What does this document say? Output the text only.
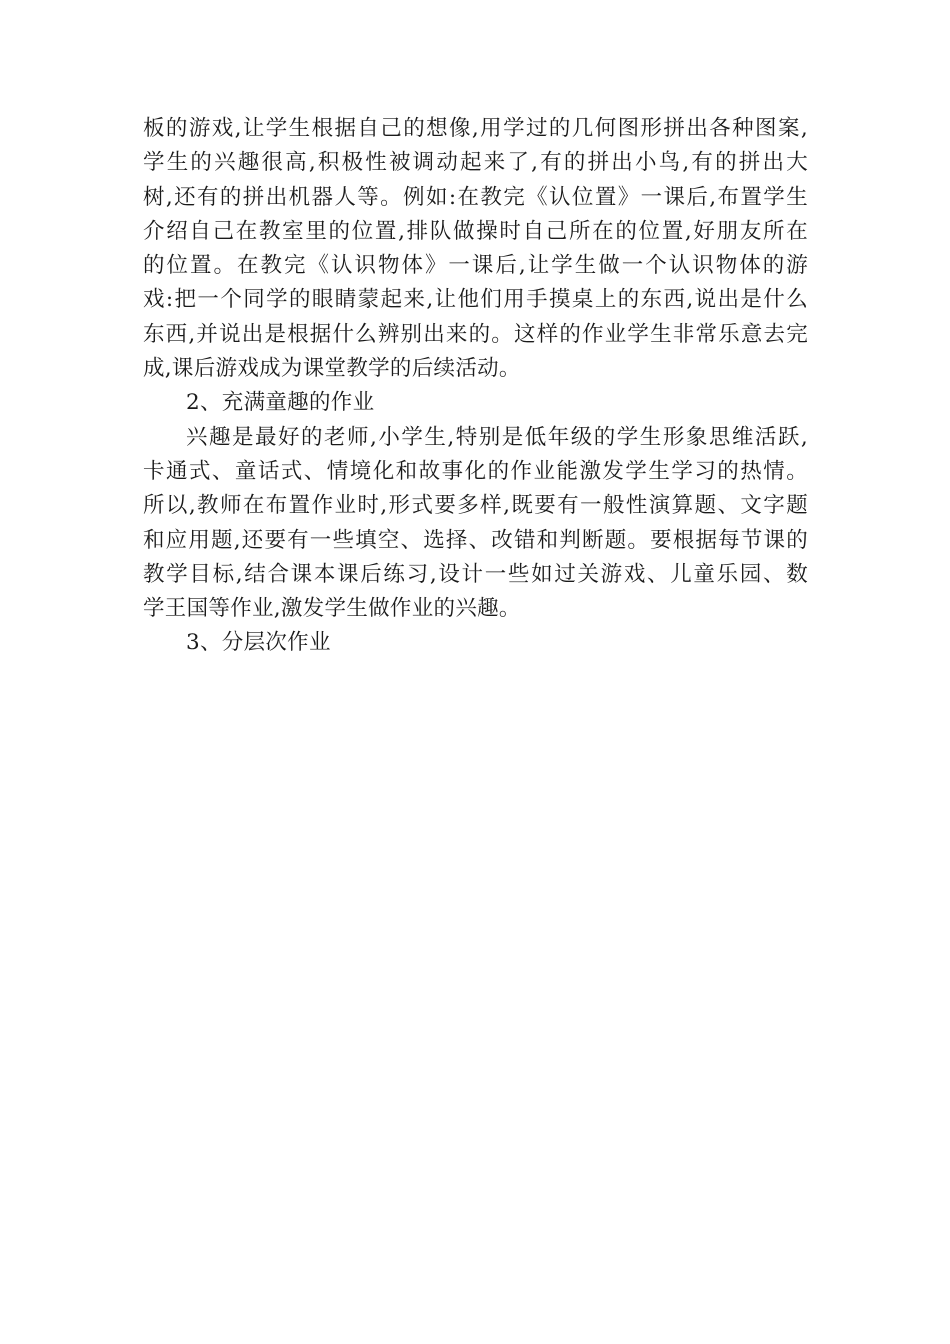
板的游戏,让学生根据自己的想像,用学过的几何图形拼出各种图案,
学生的兴趣很高,积极性被调动起来了,有的拼出小鸟,有的拼出大
树,还有的拼出机器人等。例如:在教完《认位置》一课后,布置学生
介绍自己在教室里的位置,排队做操时自己所在的位置,好朋友所在
的位置。在教完《认识物体》一课后,让学生做一个认识物体的游
戏:把一个同学的眼睛蒙起来,让他们用手摸桌上的东西,说出是什么
东西,并说出是根据什么辨别出来的。这样的作业学生非常乐意去完
成,课后游戏成为课堂教学的后续活动。
2、充满童趣的作业
兴趣是最好的老师,小学生,特别是低年级的学生形象思维活跃,
卡通式、童话式、情境化和故事化的作业能激发学生学习的热情。
所以,教师在布置作业时,形式要多样,既要有一般性演算题、文字题
和应用题,还要有一些填空、选择、改错和判断题。要根据每节课的
教学目标,结合课本课后练习,设计一些如过关游戏、儿童乐园、数
学王国等作业,激发学生做作业的兴趣。
3、分层次作业
